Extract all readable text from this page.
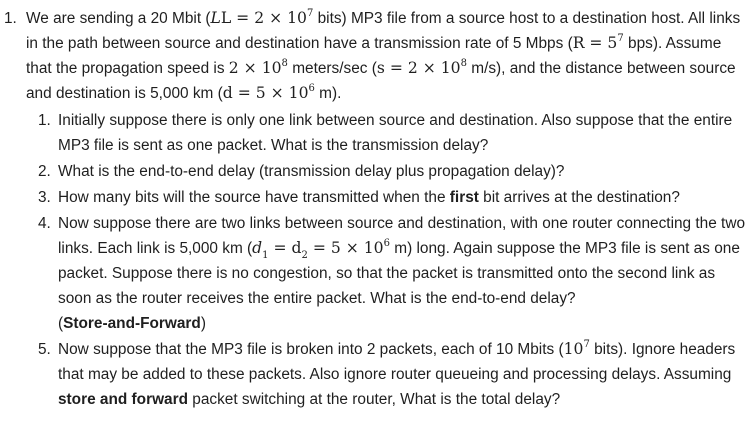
1. We are sending a 20 Mbit ($LL = 2 \times 10^7$ bits) MP3 file from a source host to a destination host. All links in the path between source and destination have a transmission rate of 5 Mbps ($R = 5^7$ bps). Assume that the propagation speed is $2 \times 10^8$ meters/sec ($s = 2 \times 10^8$ m/s), and the distance between source and destination is 5,000 km ($d = 5 \times 10^6$ m).
1. Initially suppose there is only one link between source and destination. Also suppose that the entire MP3 file is sent as one packet. What is the transmission delay?
2. What is the end-to-end delay (transmission delay plus propagation delay)?
3. How many bits will the source have transmitted when the first bit arrives at the destination?
4. Now suppose there are two links between source and destination, with one router connecting the two links. Each link is 5,000 km ($d_1 = d_2 = 5 \times 10^6$ m) long. Again suppose the MP3 file is sent as one packet. Suppose there is no congestion, so that the packet is transmitted onto the second link as soon as the router receives the entire packet. What is the end-to-end delay?
(Store-and-Forward)
5. Now suppose that the MP3 file is broken into 2 packets, each of 10 Mbits ($10^7$ bits). Ignore headers that may be added to these packets. Also ignore router queueing and processing delays. Assuming store and forward packet switching at the router, What is the total delay?
